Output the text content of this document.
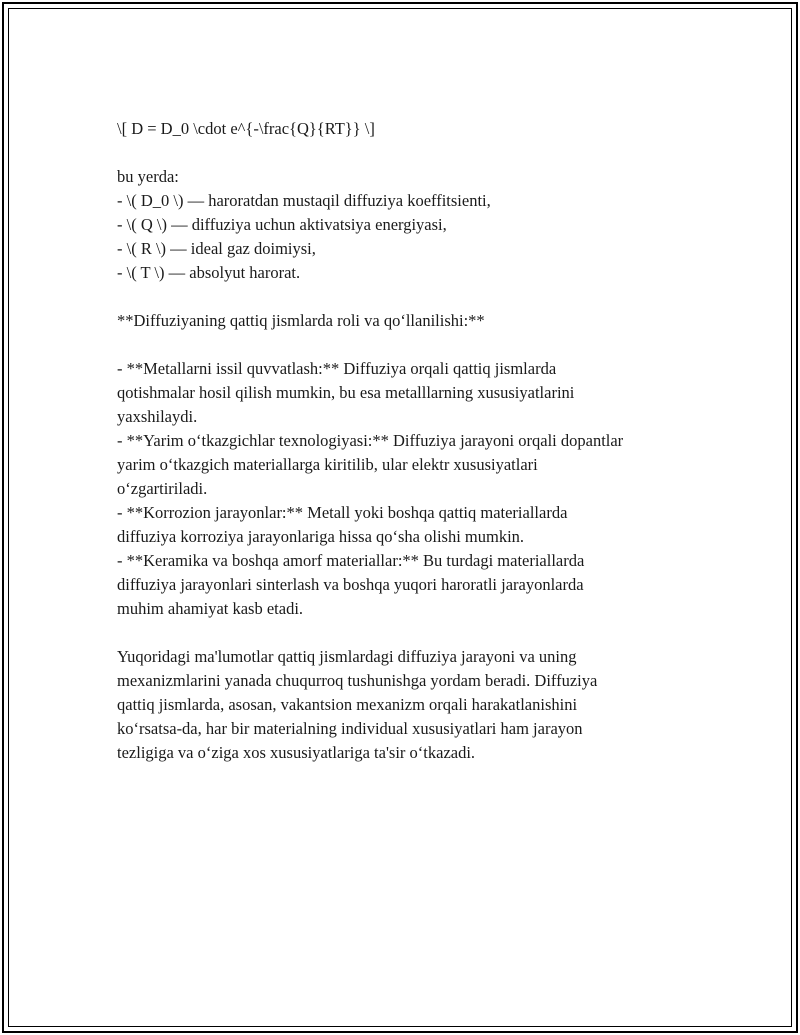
\[ D = D_0 \cdot e^{-\frac{Q}{RT}} \]

bu yerda:

- \( D_0 \) — haroratdan mustaqil diffuziya koeffitsienti,

- \( Q \) — diffuziya uchun aktivatsiya energiyasi,

- \( R \) — ideal gaz doimiysi,

- \( T \) — absolyut harorat.

**Diffuziyaning qattiq jismlarda roli va qo‘llanilishi:**

- **Metallarni issil quvvatlash:** Diffuziya orqali qattiq jismlarda

qotishmalar hosil qilish mumkin, bu esa metalllarning xususiyatlarini

yaxshilaydi.

- **Yarim o‘tkazgichlar texnologiyasi:** Diffuziya jarayoni orqali dopantlar

yarim o‘tkazgich materiallarga kiritilib, ular elektr xususiyatlari

o‘zgartiriladi.

- **Korrozion jarayonlar:** Metall yoki boshqa qattiq materiallarda

diffuziya korroziya jarayonlariga hissa qo‘sha olishi mumkin.

- **Keramika va boshqa amorf materiallar:** Bu turdagi materiallarda

diffuziya jarayonlari sinterlash va boshqa yuqori haroratli jarayonlarda

muhim ahamiyat kasb etadi.

Yuqoridagi ma'lumotlar qattiq jismlardagi diffuziya jarayoni va uning

mexanizmlarini yanada chuqurroq tushunishga yordam beradi. Diffuziya

qattiq jismlarda, asosan, vakantsion mexanizm orqali harakatlanishini

ko‘rsatsa-da, har bir materialning individual xususiyatlari ham jarayon

tezligiga va o‘ziga xos xususiyatlariga ta'sir o‘tkazadi.
